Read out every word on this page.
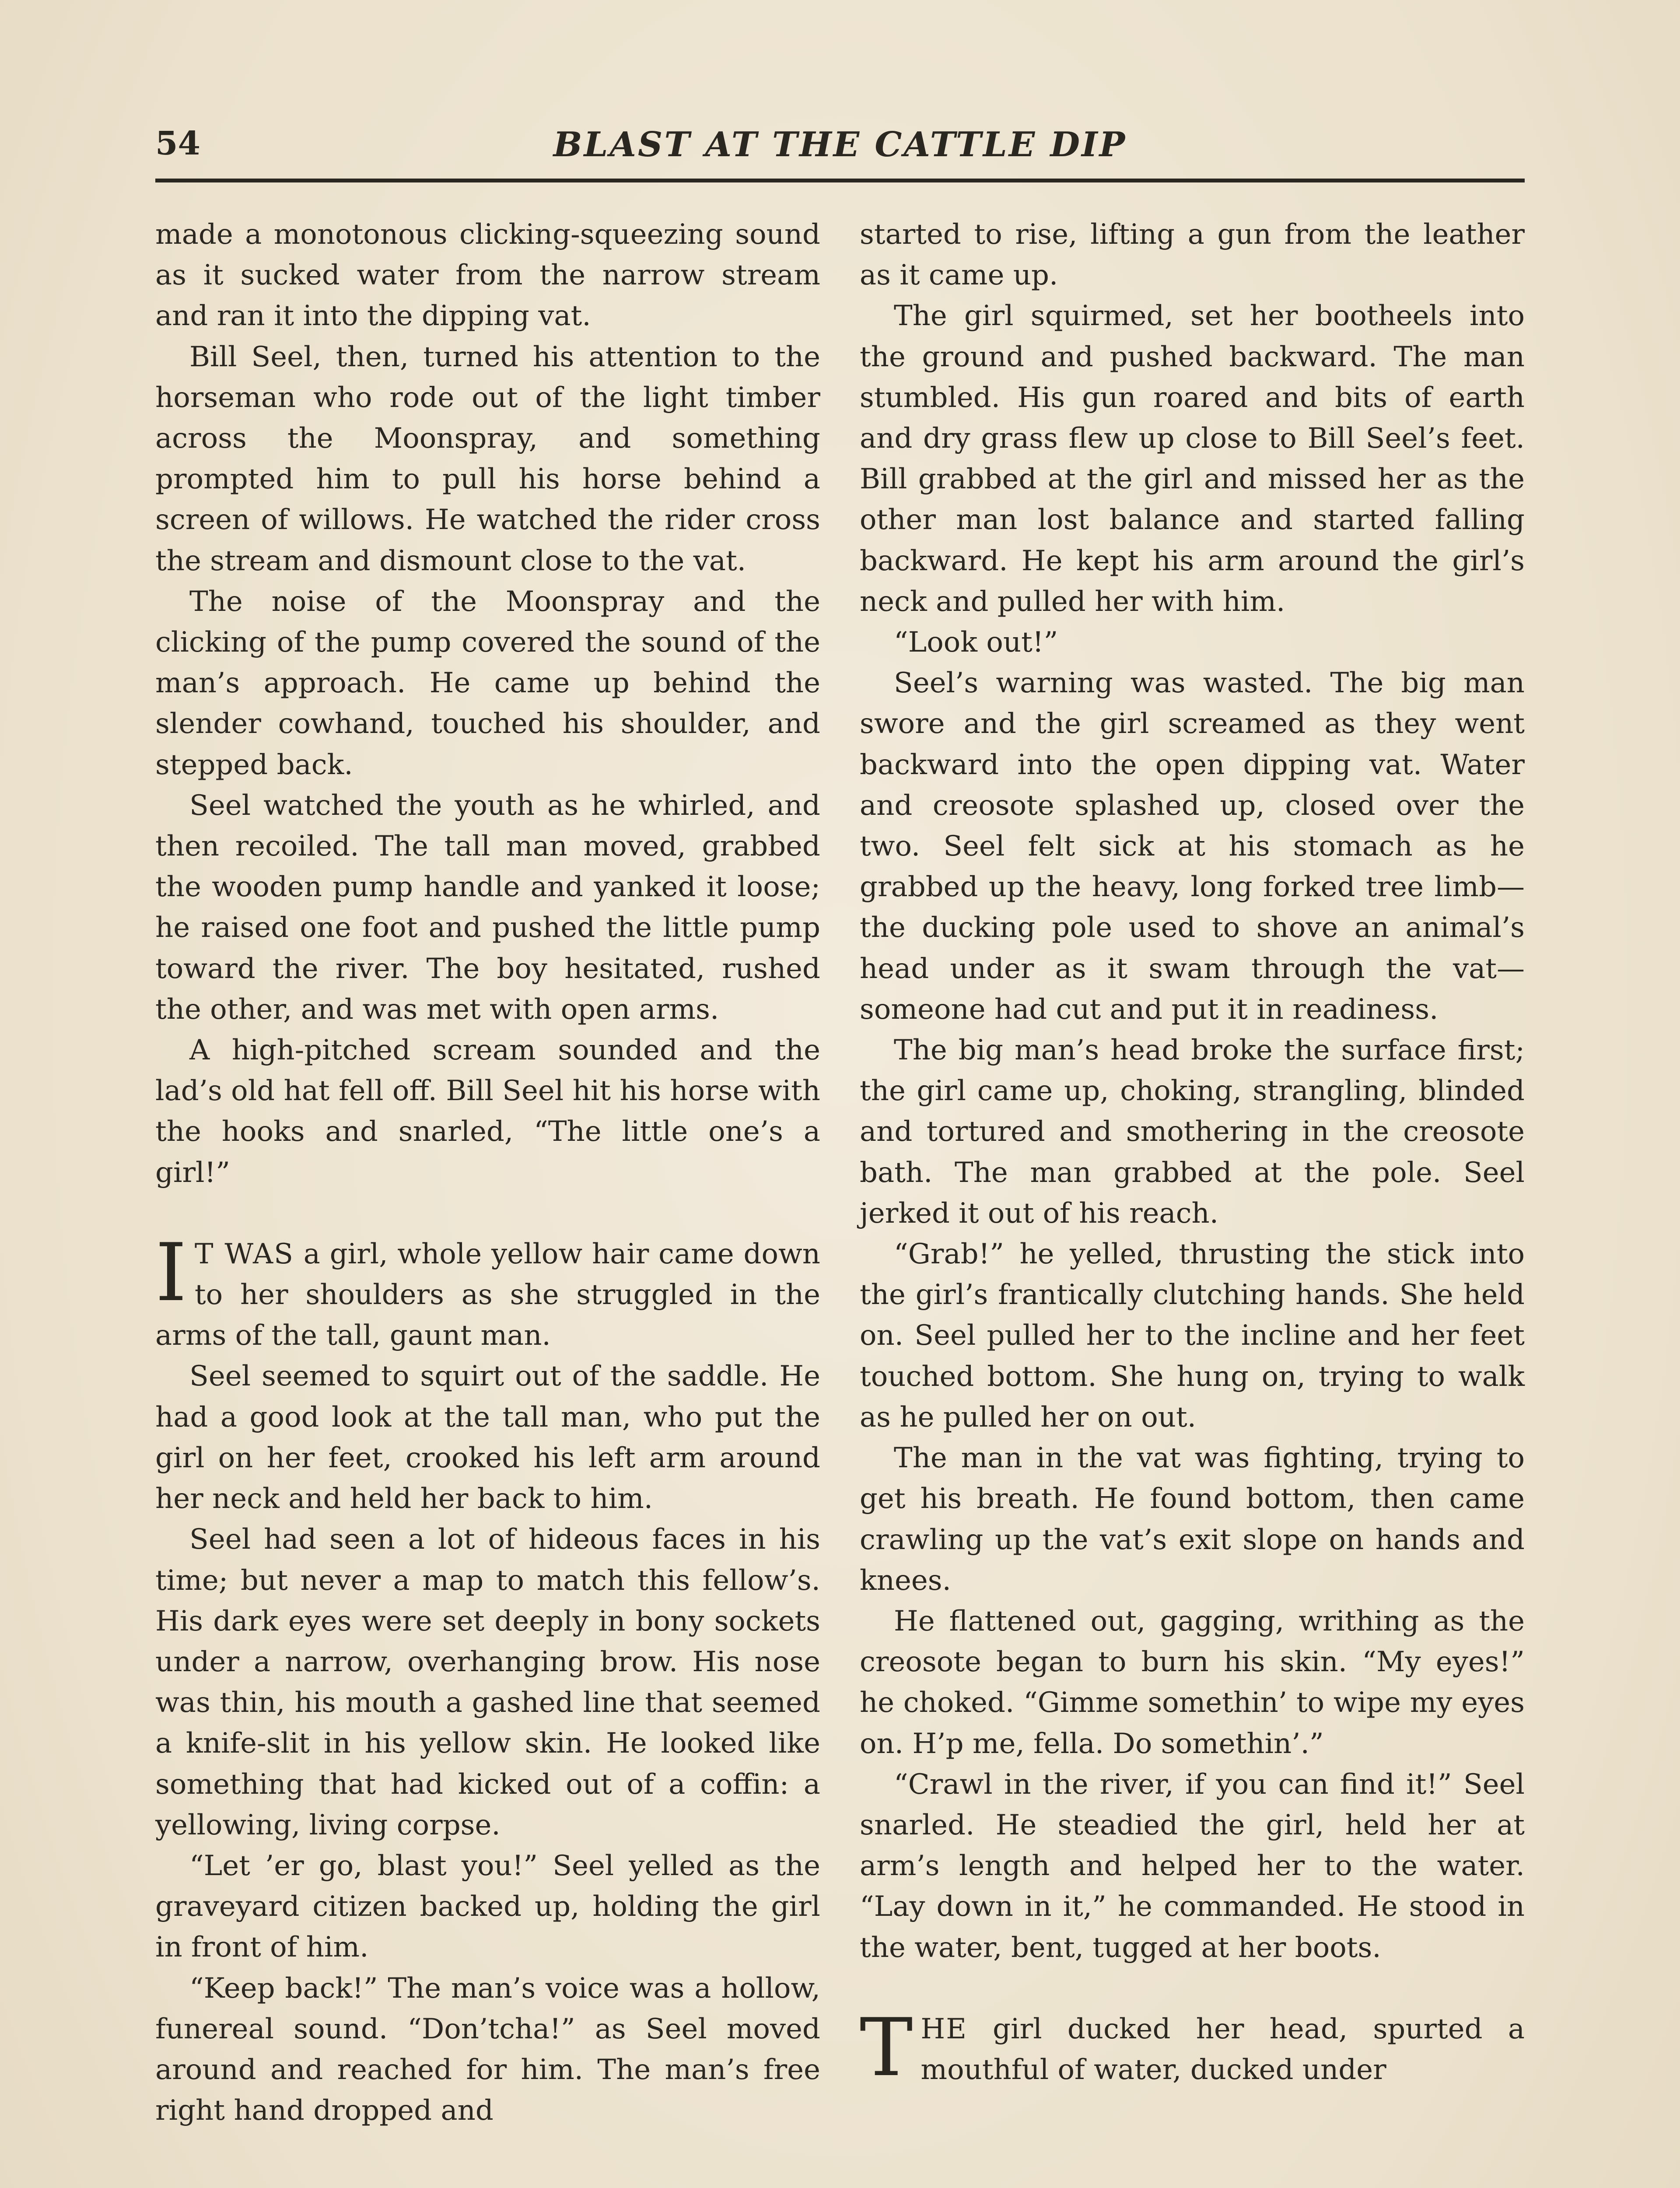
54	BLAST AT THE CATTLE DIP

made a monotonous clicking-squeezing sound as it sucked water from the narrow stream and ran it into the dipping vat.

Bill Seel, then, turned his attention to the horseman who rode out of the light timber across the Moonspray, and something prompted him to pull his horse behind a screen of willows. He watched the rider cross the stream and dismount close to the vat.

The noise of the Moonspray and the clicking of the pump covered the sound of the man’s approach. He came up behind the slender cowhand, touched his shoulder, and stepped back.

Seel watched the youth as he whirled, and then recoiled. The tall man moved, grabbed the wooden pump handle and yanked it loose; he raised one foot and pushed the little pump toward the river. The boy hesitated, rushed the other, and was met with open arms.

A high-pitched scream sounded and the lad’s old hat fell off. Bill Seel hit his horse with the hooks and snarled, “The little one’s a girl!”

I T WAS a girl, whole yellow hair came down to her shoulders as she struggled in the arms of the tall, gaunt man.

Seel seemed to squirt out of the saddle. He had a good look at the tall man, who put the girl on her feet, crooked his left arm around her neck and held her back to him.

Seel had seen a lot of hideous faces in his time; but never a map to match this fellow’s. His dark eyes were set deeply in bony sockets under a narrow, overhanging brow. His nose was thin, his mouth a gashed line that seemed a knife-slit in his yellow skin. He looked like something that had kicked out of a coffin: a yellowing, living corpse.

“Let ’er go, blast you!” Seel yelled as the graveyard citizen backed up, holding the girl in front of him.

“Keep back!” The man’s voice was a hollow, funereal sound. “Don’tcha!” as Seel moved around and reached for him. The man’s free right hand dropped and

started to rise, lifting a gun from the leather as it came up.

The girl squirmed, set her bootheels into the ground and pushed backward. The man stumbled. His gun roared and bits of earth and dry grass flew up close to Bill Seel’s feet. Bill grabbed at the girl and missed her as the other man lost balance and started falling backward. He kept his arm around the girl’s neck and pulled her with him.

“Look out!”

Seel’s warning was wasted. The big man swore and the girl screamed as they went backward into the open dipping vat. Water and creosote splashed up, closed over the two. Seel felt sick at his stomach as he grabbed up the heavy, long forked tree limb—the ducking pole used to shove an animal’s head under as it swam through the vat—someone had cut and put it in readiness.

The big man’s head broke the surface first; the girl came up, choking, strangling, blinded and tortured and smothering in the creosote bath. The man grabbed at the pole. Seel jerked it out of his reach.

“Grab!” he yelled, thrusting the stick into the girl’s frantically clutching hands. She held on. Seel pulled her to the incline and her feet touched bottom. She hung on, trying to walk as he pulled her on out.

The man in the vat was fighting, trying to get his breath. He found bottom, then came crawling up the vat’s exit slope on hands and knees.

He flattened out, gagging, writhing as the creosote began to burn his skin. “My eyes!” he choked. “Gimme somethin’ to wipe my eyes on. H’p me, fella. Do somethin’.”

“Crawl in the river, if you can find it!” Seel snarled. He steadied the girl, held her at arm’s length and helped her to the water. “Lay down in it,” he commanded. He stood in the water, bent, tugged at her boots.

THE girl ducked her head, spurted a mouthful of water, ducked under
